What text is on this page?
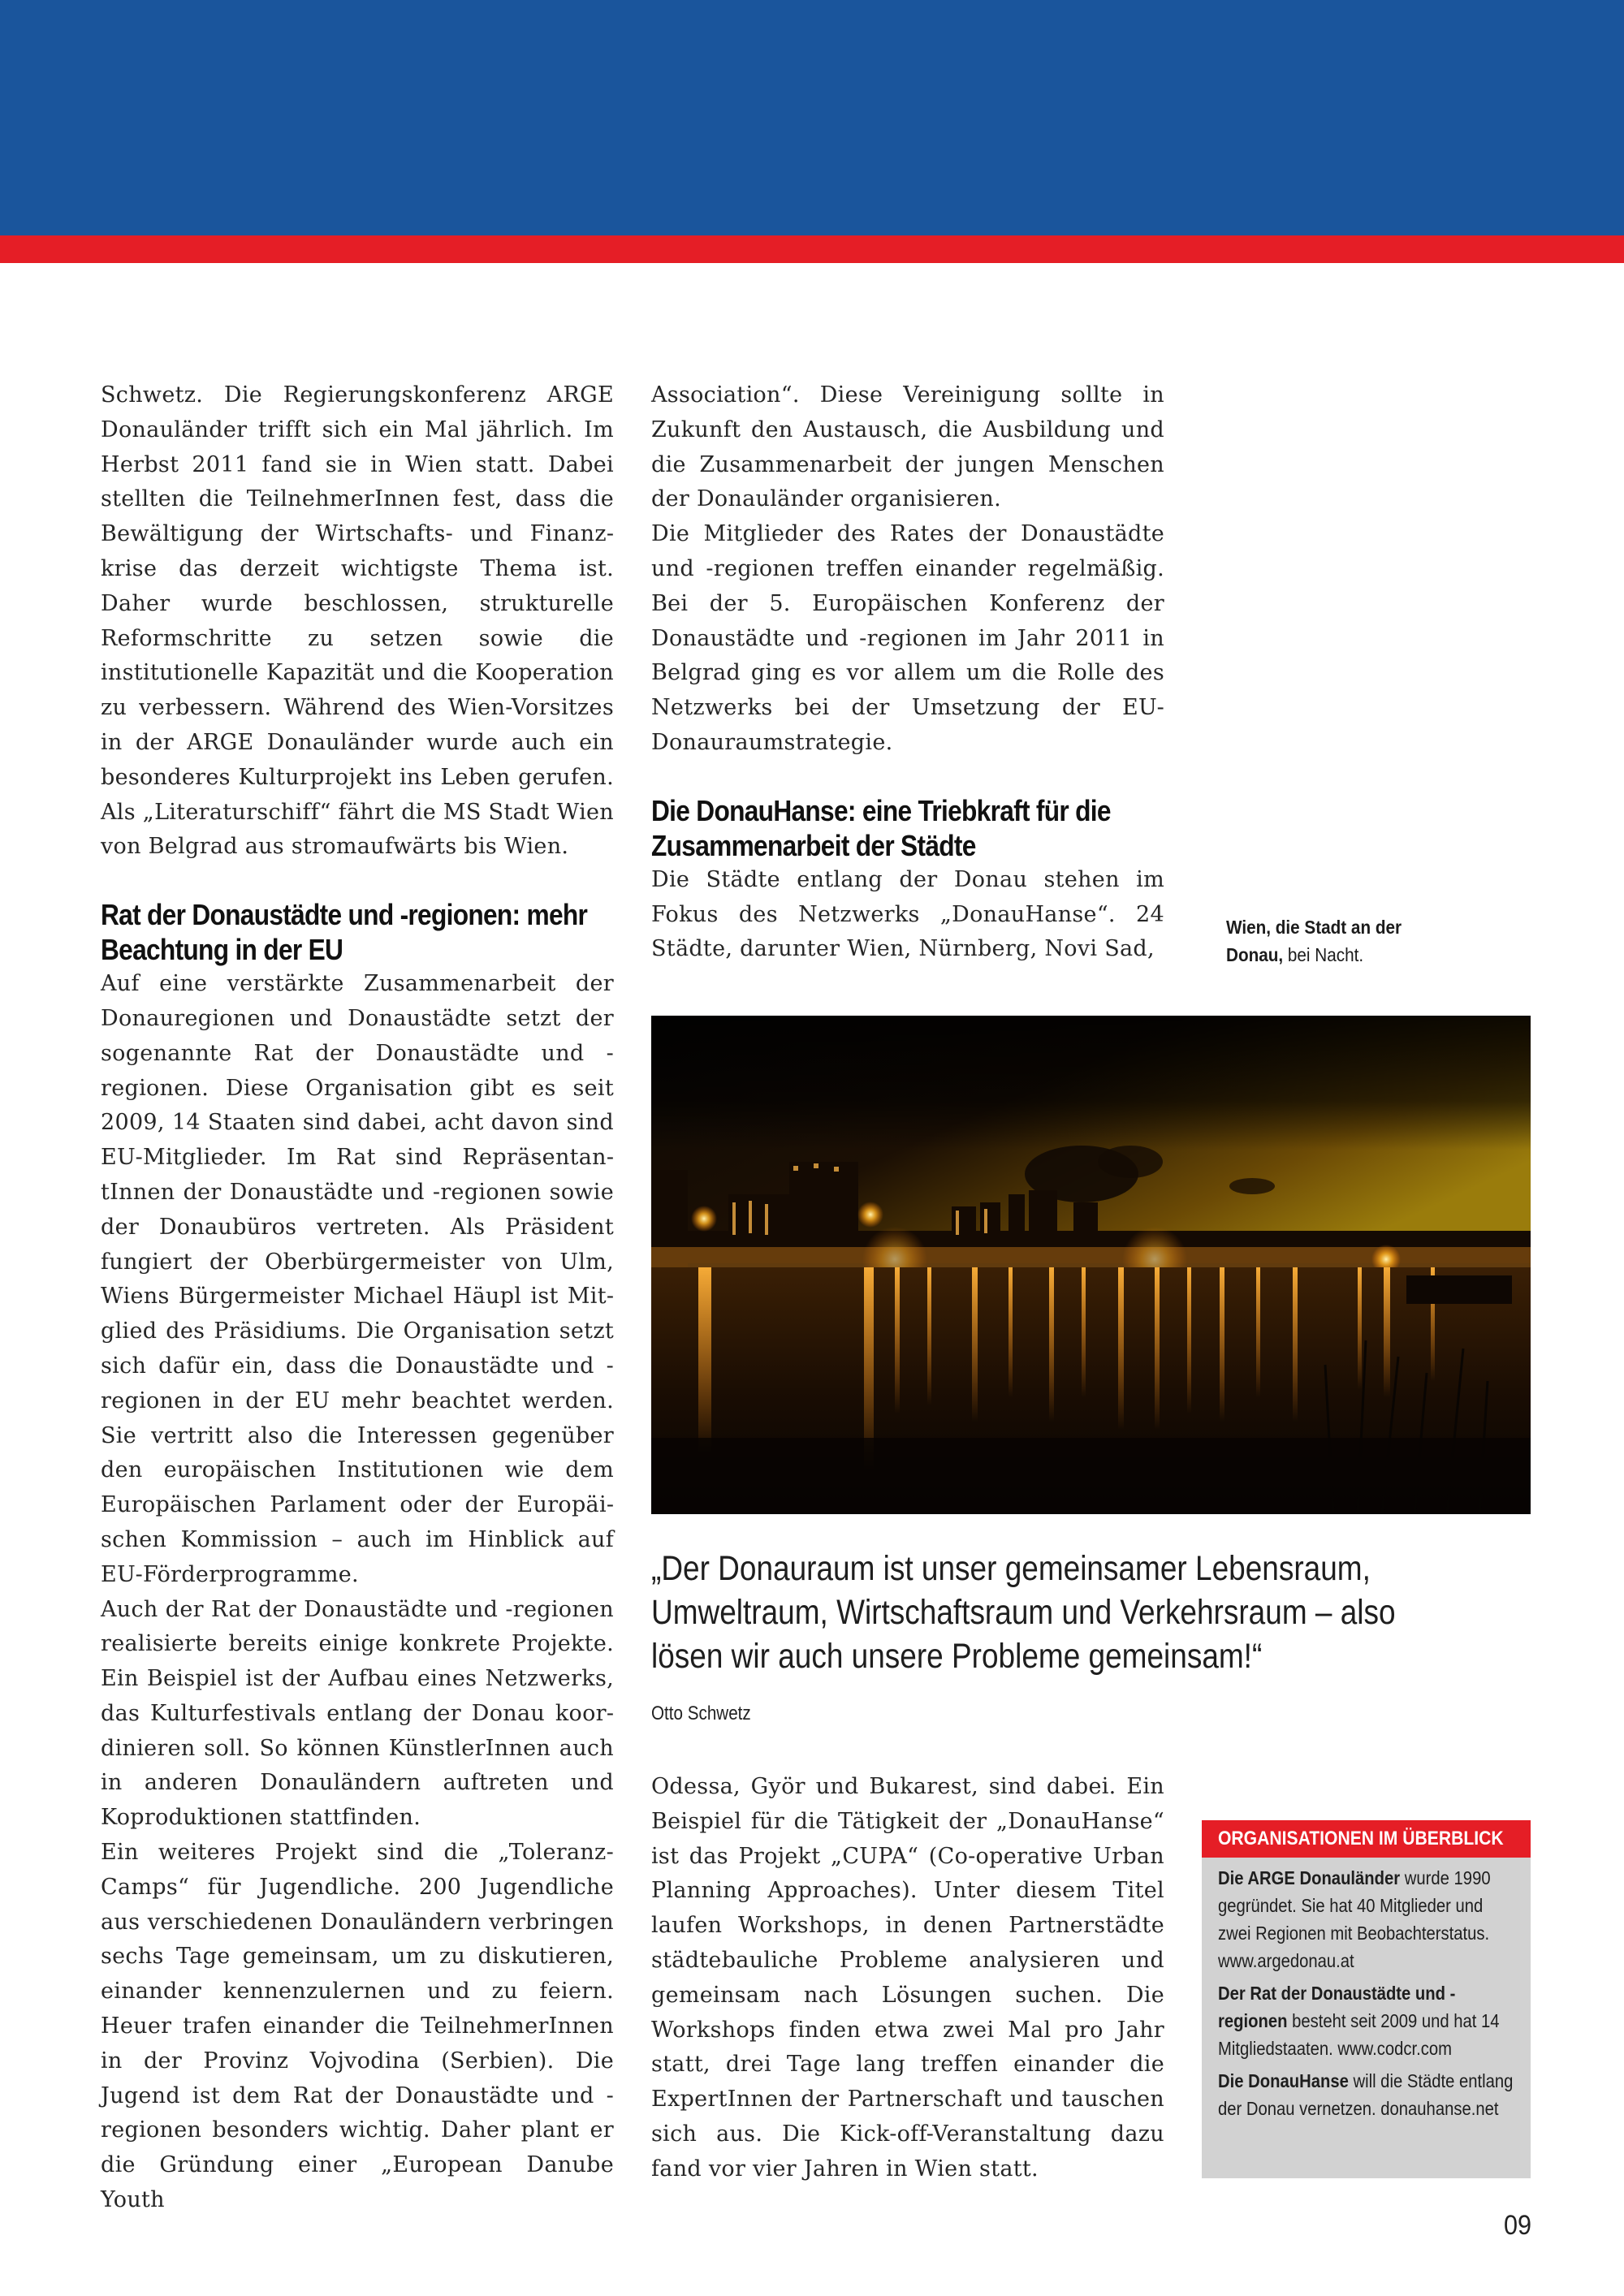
Schwetz. Die Regierungskonferenz ARGE Donauländer trifft sich ein Mal jährlich. Im Herbst 2011 fand sie in Wien statt. Dabei stellten die TeilnehmerInnen fest, dass die Bewältigung der Wirtschafts- und Finanzkrise das derzeit wichtigste Thema ist. Daher wurde beschlossen, strukturelle Reformschritte zu setzen sowie die institutionelle Kapazität und die Kooperation zu verbessern. Während des Wien-Vorsitzes in der ARGE Donauländer wurde auch ein besonderes Kulturprojekt ins Leben gerufen. Als „Literaturschiff“ fährt die MS Stadt Wien von Belgrad aus stromaufwärts bis Wien.

Rat der Donaustädte und -regionen: mehr Beachtung in der EU

Auf eine verstärkte Zusammenarbeit der Donauregionen und Donaustädte setzt der sogenannte Rat der Donaustädte und -regionen. Diese Organisation gibt es seit 2009, 14 Staaten sind dabei, acht davon sind EU-Mitglieder. Im Rat sind RepräsentantInnen der Donaustädte und -regionen sowie der Donaubüros vertreten. Als Präsident fungiert der Oberbürgermeister von Ulm, Wiens Bürgermeister Michael Häupl ist Mitglied des Präsidiums. Die Organisation setzt sich dafür ein, dass die Donaustädte und -regionen in der EU mehr beachtet werden. Sie vertritt also die Interessen gegenüber den europäischen Institutionen wie dem Europäischen Parlament oder der Europäischen Kommission – auch im Hinblick auf EU-Förderprogramme.

Auch der Rat der Donaustädte und -regionen realisierte bereits einige konkrete Projekte. Ein Beispiel ist der Aufbau eines Netzwerks, das Kulturfestivals entlang der Donau koordinieren soll. So können KünstlerInnen auch in anderen Donauländern auftreten und Koproduktionen stattfinden.

Ein weiteres Projekt sind die „Toleranz-Camps“ für Jugendliche. 200 Jugendliche aus verschiedenen Donauländern verbringen sechs Tage gemeinsam, um zu diskutieren, einander kennenzulernen und zu feiern. Heuer trafen einander die TeilnehmerInnen in der Provinz Vojvodina (Serbien). Die Jugend ist dem Rat der Donaustädte und -regionen besonders wichtig. Daher plant er die Gründung einer „European Danube Youth

Association“. Diese Vereinigung sollte in Zukunft den Austausch, die Ausbildung und die Zusammenarbeit der jungen Menschen der Donauländer organisieren.

Die Mitglieder des Rates der Donaustädte und -regionen treffen einander regelmäßig. Bei der 5. Europäischen Konferenz der Donaustädte und -regionen im Jahr 2011 in Belgrad ging es vor allem um die Rolle des Netzwerks bei der Umsetzung der EU-Donauraumstrategie.

Die DonauHanse: eine Triebkraft für die Zusammenarbeit der Städte

Die Städte entlang der Donau stehen im Fokus des Netzwerks „DonauHanse“. 24 Städte, darunter Wien, Nürnberg, Novi Sad,

Wien, die Stadt an der Donau, bei Nacht.
„Der Donauraum ist unser gemeinsamer Lebensraum, Umweltraum, Wirtschaftsraum und Verkehrsraum – also lösen wir auch unsere Probleme gemeinsam!“
Otto Schwetz

Odessa, Györ und Bukarest, sind dabei. Ein Beispiel für die Tätigkeit der „DonauHanse“ ist das Projekt „CUPA“ (Co-operative Urban Planning Approaches). Unter diesem Titel laufen Workshops, in denen Partnerstädte städtebauliche Probleme analysieren und gemeinsam nach Lösungen suchen. Die Workshops finden etwa zwei Mal pro Jahr statt, drei Tage lang treffen einander die ExpertInnen der Partnerschaft und tauschen sich aus. Die Kick-off-Veranstaltung dazu fand vor vier Jahren in Wien statt.

ORGANISATIONEN IM ÜBERBLICK

Die ARGE Donauländer wurde 1990 gegründet. Sie hat 40 Mitglieder und zwei Regionen mit Beobachterstatus. www.argedonau.at

Der Rat der Donaustädte und -regionen besteht seit 2009 und hat 14 Mitgliedstaaten. www.codcr.com

Die DonauHanse will die Städte entlang der Donau vernetzen. donauhanse.net

09
